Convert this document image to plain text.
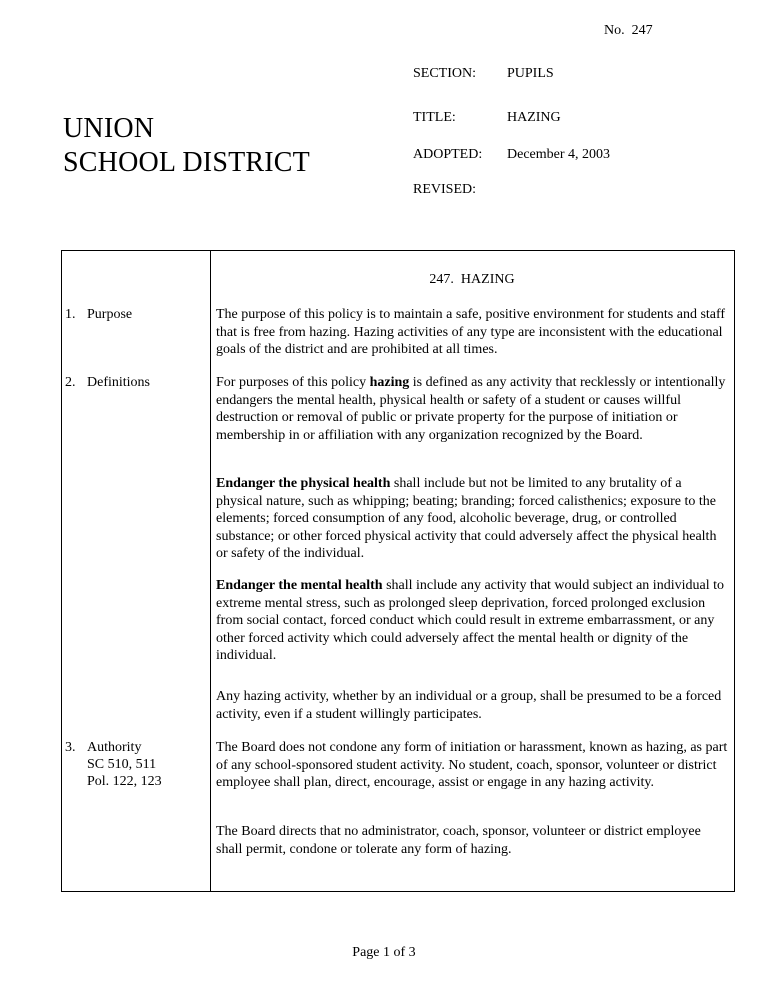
No.  247
UNION
SCHOOL DISTRICT
SECTION: PUPILS
TITLE:	HAZING
ADOPTED: December 4, 2003
REVISED:
247.  HAZING
1. Purpose
2. Definitions
3. Authority
SC 510, 511
Pol. 122, 123
The purpose of this policy is to maintain a safe, positive environment for students and staff that is free from hazing. Hazing activities of any type are inconsistent with the educational goals of the district and are prohibited at all times.
For purposes of this policy hazing is defined as any activity that recklessly or intentionally endangers the mental health, physical health or safety of a student or causes willful destruction or removal of public or private property for the purpose of initiation or membership in or affiliation with any organization recognized by the Board.
Endanger the physical health shall include but not be limited to any brutality of a physical nature, such as whipping; beating; branding; forced calisthenics; exposure to the elements; forced consumption of any food, alcoholic beverage, drug, or controlled substance; or other forced physical activity that could adversely affect the physical health or safety of the individual.
Endanger the mental health shall include any activity that would subject an individual to extreme mental stress, such as prolonged sleep deprivation, forced prolonged exclusion from social contact, forced conduct which could result in extreme embarrassment, or any other forced activity which could adversely affect the mental health or dignity of the individual.
Any hazing activity, whether by an individual or a group, shall be presumed to be a forced activity, even if a student willingly participates.
The Board does not condone any form of initiation or harassment, known as hazing, as part of any school-sponsored student activity. No student, coach, sponsor, volunteer or district employee shall plan, direct, encourage, assist or engage in any hazing activity.
The Board directs that no administrator, coach, sponsor, volunteer or district employee shall permit, condone or tolerate any form of hazing.
Page 1 of 3
